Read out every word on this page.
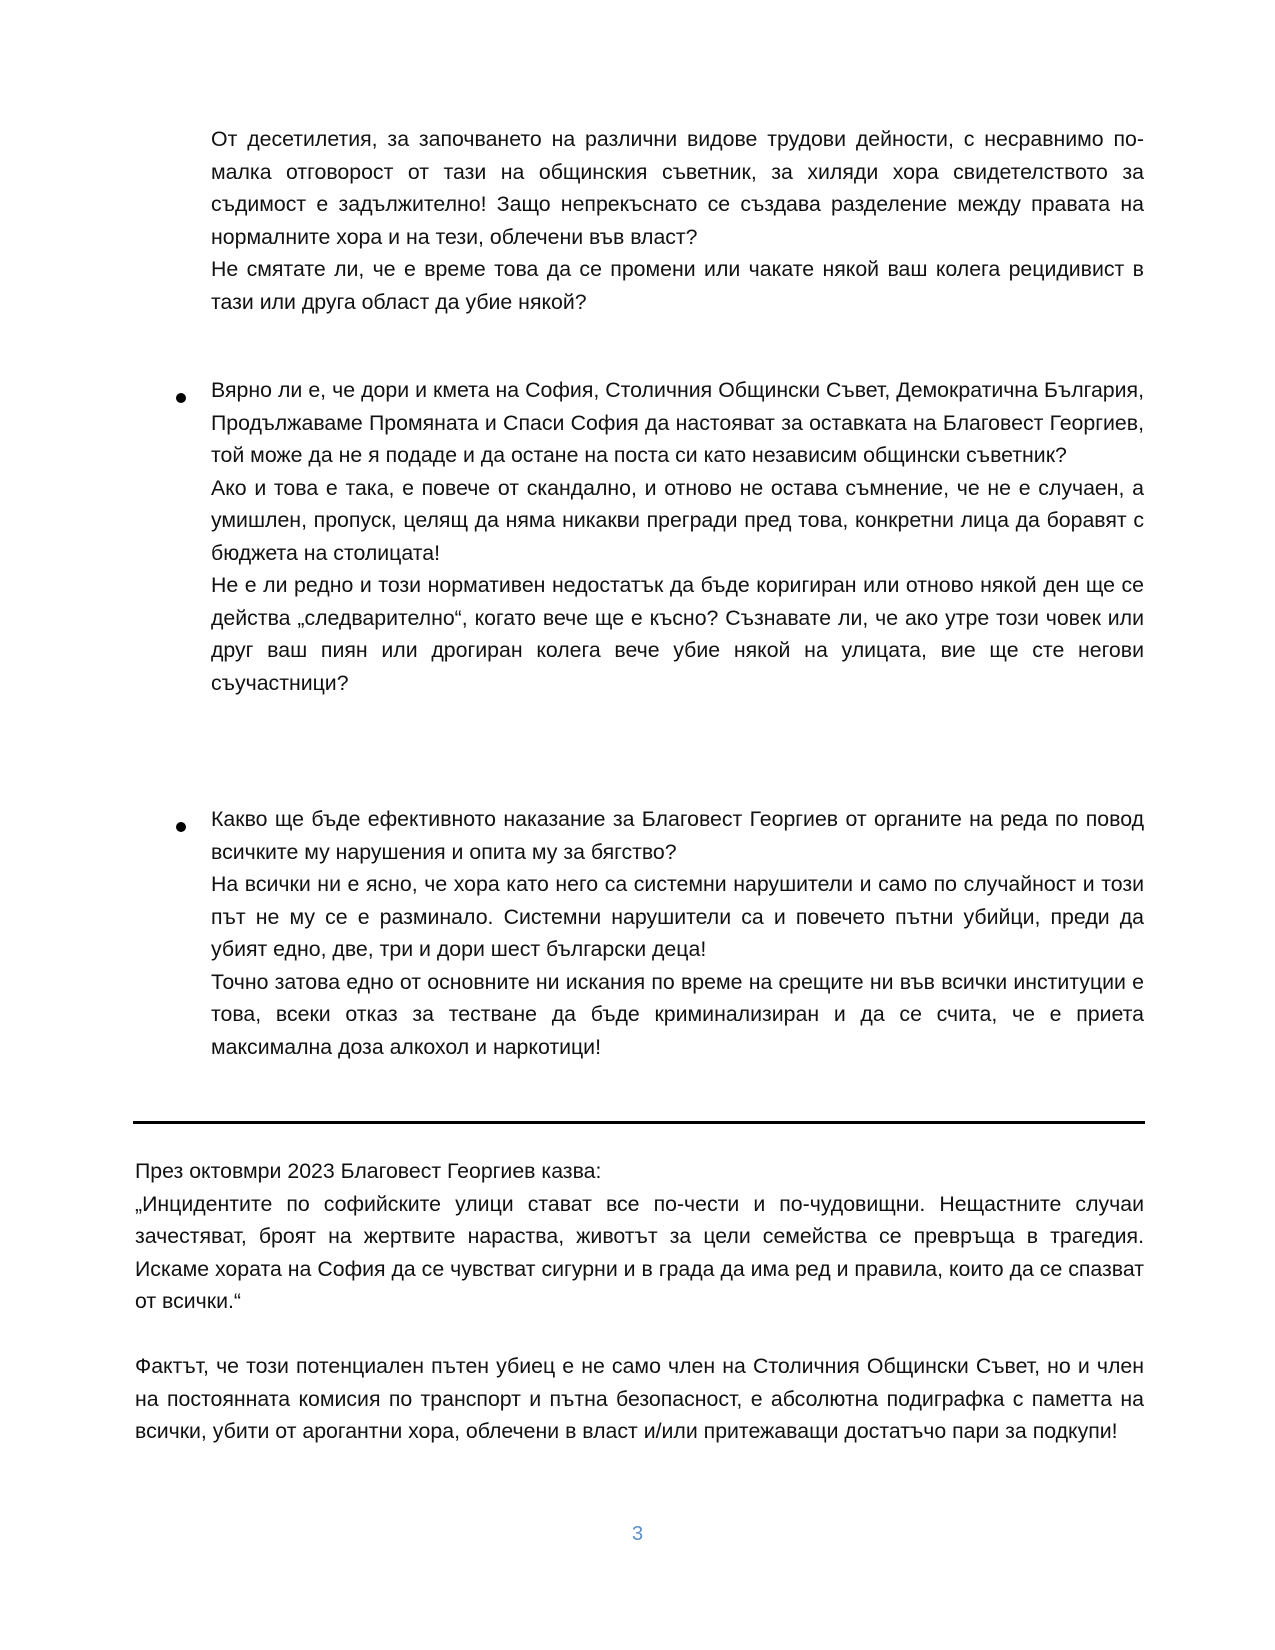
От десетилетия, за започването на различни видове трудови дейности, с несравнимо по-малка отговорост от тази на общинския съветник, за хиляди хора свидетелството за съдимост е задължително! Защо непрекъснато се създава разделение между правата на нормалните хора и на тези, облечени във власт?

Не смятате ли, че е време това да се промени или чакате някой ваш колега рецидивист в тази или друга област да убие някой?

Вярно ли е, че дори и кмета на София, Столичния Общински Съвет, Демократична България, Продължаваме Промяната и Спаси София да настояват за оставката на Благовест Георгиев, той може да не я подаде и да остане на поста си като независим общински съветник?

Ако и това е така, е повече от скандално, и отново не остава съмнение, че не е случаен, а умишлен, пропуск, целящ да няма никакви прегради пред това, конкретни лица да боравят с бюджета на столицата!

Не е ли редно и този нормативен недостатък да бъде коригиран или отново някой ден ще се действа „следварително“, когато вече ще е късно? Съзнавате ли, че ако утре този човек или друг ваш пиян или дрогиран колега вече убие някой на улицата, вие ще сте негови съучастници?

Какво ще бъде ефективното наказание за Благовест Георгиев от органите на реда по повод всичките му нарушения и опита му за бягство?

На всички ни е ясно, че хора като него са системни нарушители и само по случайност и този път не му се е разминало. Системни нарушители са и повечето пътни убийци, преди да убият едно, две, три и дори шест български деца!

Точно затова едно от основните ни искания по време на срещите ни във всички институции е това, всеки отказ за тестване да бъде криминализиран и да се счита, че е приета максимална доза алкохол и наркотици!

През октовмри 2023 Благовест Георгиев казва:

„Инцидентите по софийските улици стават все по-чести и по-чудовищни. Нещастните случаи зачестяват, броят на жертвите нараства, животът за цели семейства се превръща в трагедия. Искаме хората на София да се чувстват сигурни и в града да има ред и правила, които да се спазват от всички.“

Фактът, че този потенциален пътен убиец е не само член на Столичния Общински Съвет, но и член на постоянната комисия по транспорт и пътна безопасност, е абсолютна подиграфка с паметта на всички, убити от арогантни хора, облечени в власт и/или притежаващи достатъчо пари за подкупи!

3
